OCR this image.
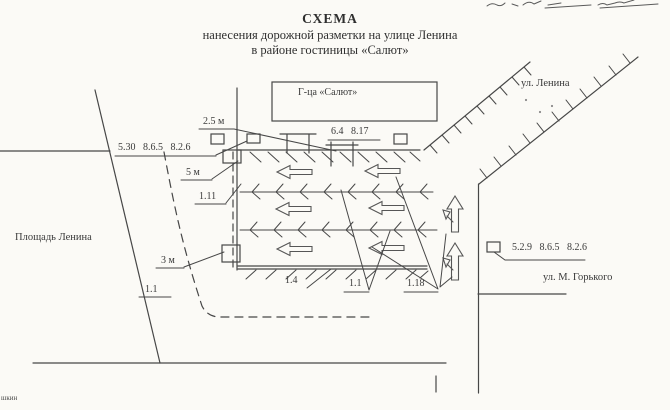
СХЕМА
нанесения дорожной разметки на улице Ленина
в районе гостиницы «Салют»
Г-ца «Салют»
Площадь Ленина
ул. Ленина
ул. М. Горького
5.30 8.6.5 8.2.6
6.4 8.17
5.2.9 8.6.5 8.2.6
2.5 м
5 м
3 м
1.11
1.1
1.4	1.1	1.18
шкин
